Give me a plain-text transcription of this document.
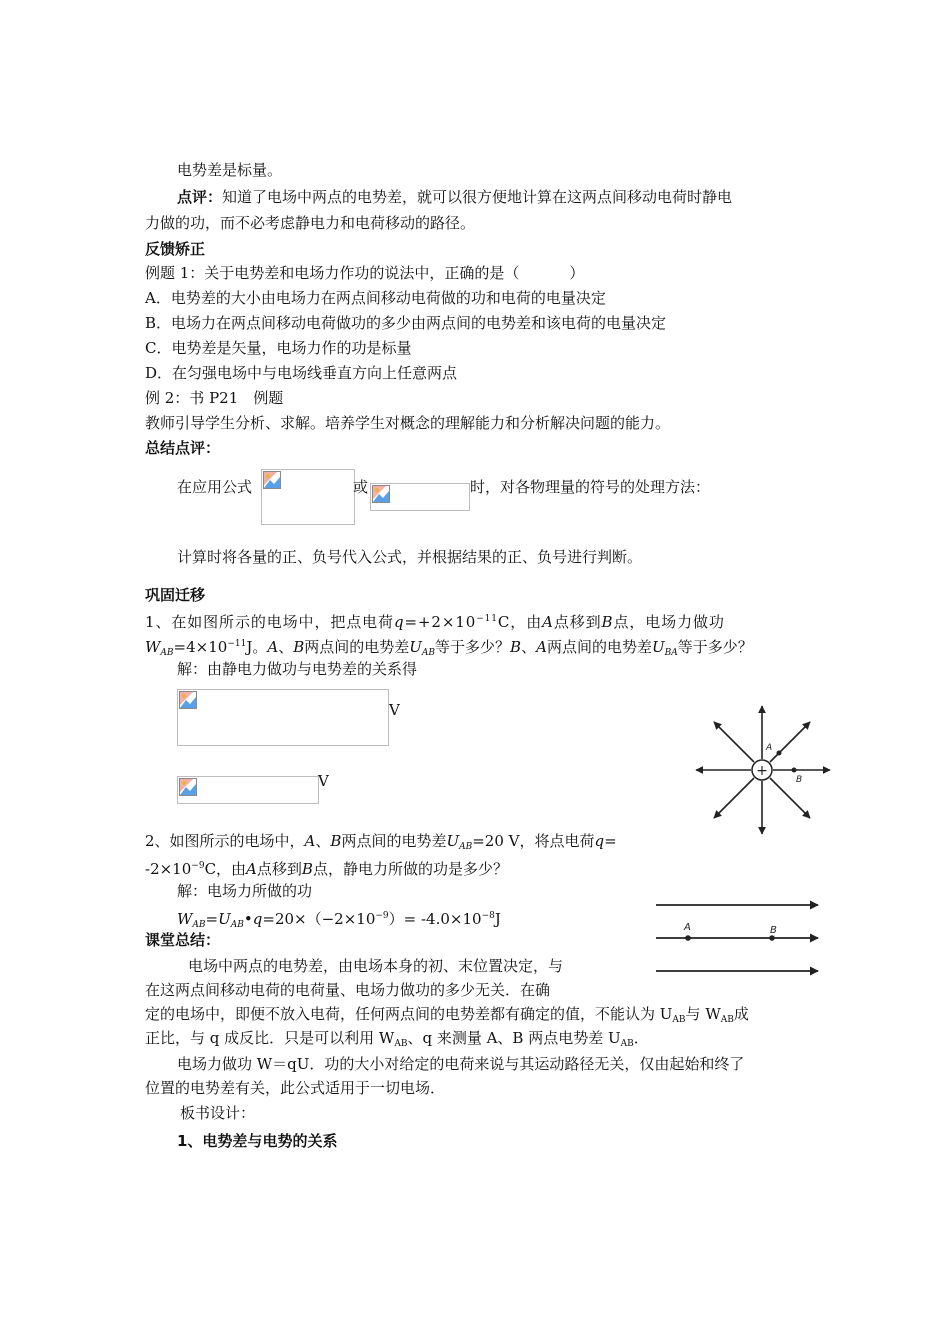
电势差是标量。
点评：知道了电场中两点的电势差，就可以很方便地计算在这两点间移动电荷时静电
力做的功，而不必考虑静电力和电荷移动的路径。
反馈矫正
例题 1：关于电势差和电场力作功的说法中，正确的是（	）
A．电势差的大小由电场力在两点间移动电荷做的功和电荷的电量决定
B．电场力在两点间移动电荷做功的多少由两点间的电势差和该电荷的电量决定
C．电势差是矢量，电场力作的功是标量
D．在匀强电场中与电场线垂直方向上任意两点
例 2：书 P21　例题
教师引导学生分析、求解。培养学生对概念的理解能力和分析解决问题的能力。
总结点评：
在应用公式	或	时，对各物理量的符号的处理方法：
计算时将各量的正、负号代入公式，并根据结果的正、负号进行判断。
巩固迁移
1、在如图所示的电场中，把点电荷$q=+2\times 10^{-11}C$，由A点移到B点，电场力做功
$W_{AB}=4\times 10^{-11}J$。A、B两点间的电势差$U_{AB}$等于多少？B、A两点间的电势差$U_{BA}$等于多少？
解：由静电力做功与电势差的关系得
V
V
+
A
B
2、如图所示的电场中，A、B两点间的电势差$U_{AB}=20$ V，将点电荷q=
$-2\times 10^{-9}C$，由A点移到B点，静电力所做的功是多少？
解：电场力所做的功
$W_{AB}=U_{AB}•q=20\times(-2\times 10^{-9})= -4.0\times 10^{-8}J$	A	B
课堂总结：
电场中两点的电势差，由电场本身的初、末位置决定，与
在这两点间移动电荷的电荷量、电场力做功的多少无关．在确
定的电场中，即便不放入电荷，任何两点间的电势差都有确定的值，不能认为 $U_{AB}$与 $W_{AB}$成
正比，与 q 成反比．只是可以利用 $W_{AB}$、q 来测量 A、B 两点电势差 $U_{AB}$．
电场力做功 W＝qU．功的大小对给定的电荷来说与其运动路径无关，仅由起始和终了
位置的电势差有关，此公式适用于一切电场．
板书设计：
1、电势差与电势的关系
